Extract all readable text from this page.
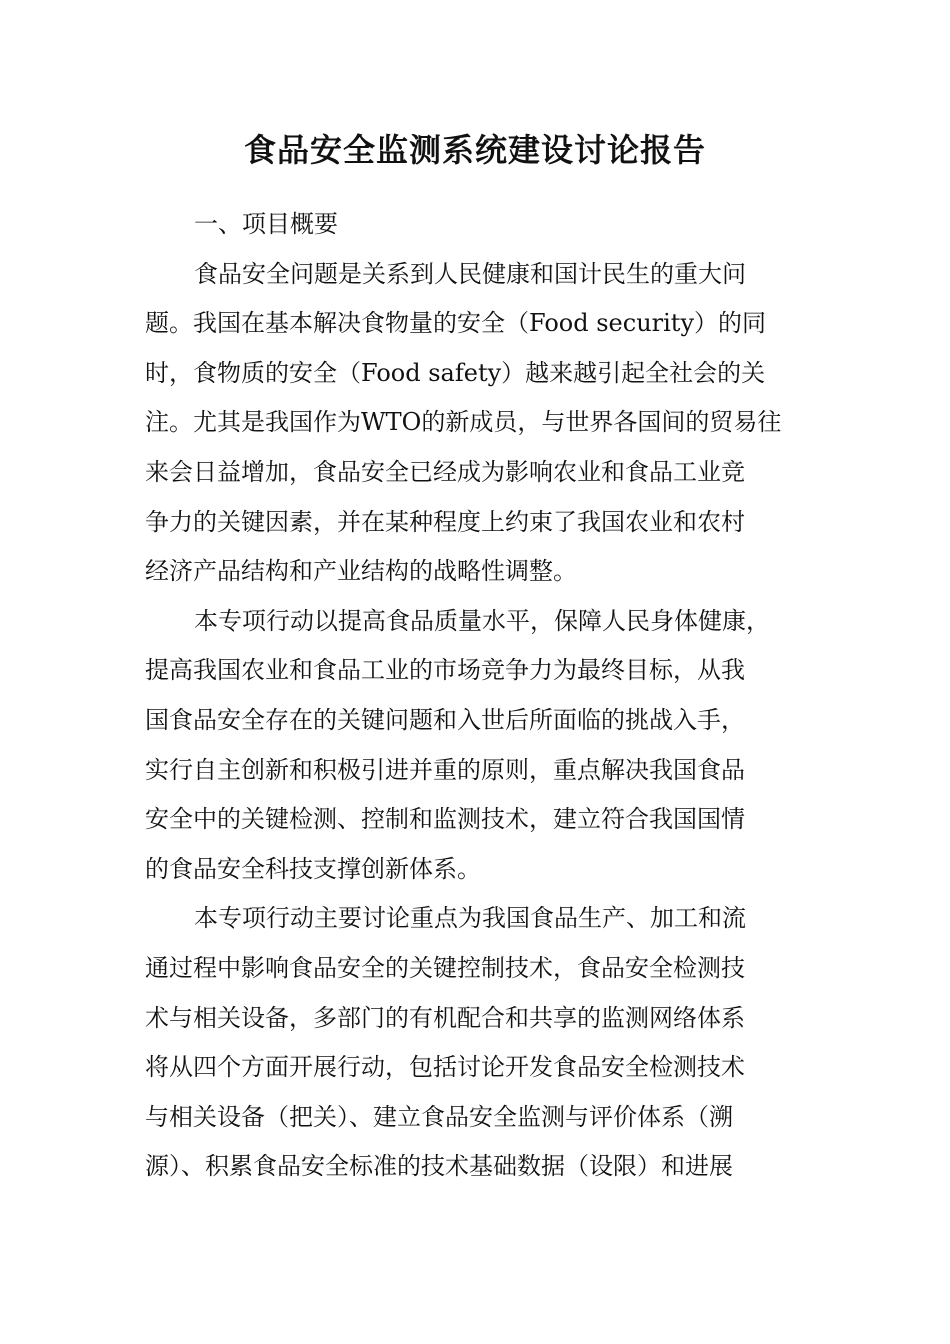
食品安全监测系统建设讨论报告
一、项目概要
食品安全问题是关系到人民健康和国计民生的重大问
题。我国在基本解决食物量的安全（Food security）的同
时，食物质的安全（Food safety）越来越引起全社会的关
注。尤其是我国作为WTO的新成员，与世界各国间的贸易往
来会日益增加，食品安全已经成为影响农业和食品工业竞
争力的关键因素，并在某种程度上约束了我国农业和农村
经济产品结构和产业结构的战略性调整。
本专项行动以提高食品质量水平，保障人民身体健康，
提高我国农业和食品工业的市场竞争力为最终目标，从我
国食品安全存在的关键问题和入世后所面临的挑战入手，
实行自主创新和积极引进并重的原则，重点解决我国食品
安全中的关键检测、控制和监测技术，建立符合我国国情
的食品安全科技支撑创新体系。
本专项行动主要讨论重点为我国食品生产、加工和流
通过程中影响食品安全的关键控制技术，食品安全检测技
术与相关设备，多部门的有机配合和共享的监测网络体系
将从四个方面开展行动，包括讨论开发食品安全检测技术
与相关设备（把关）、建立食品安全监测与评价体系（溯
源）、积累食品安全标准的技术基础数据（设限）和进展
